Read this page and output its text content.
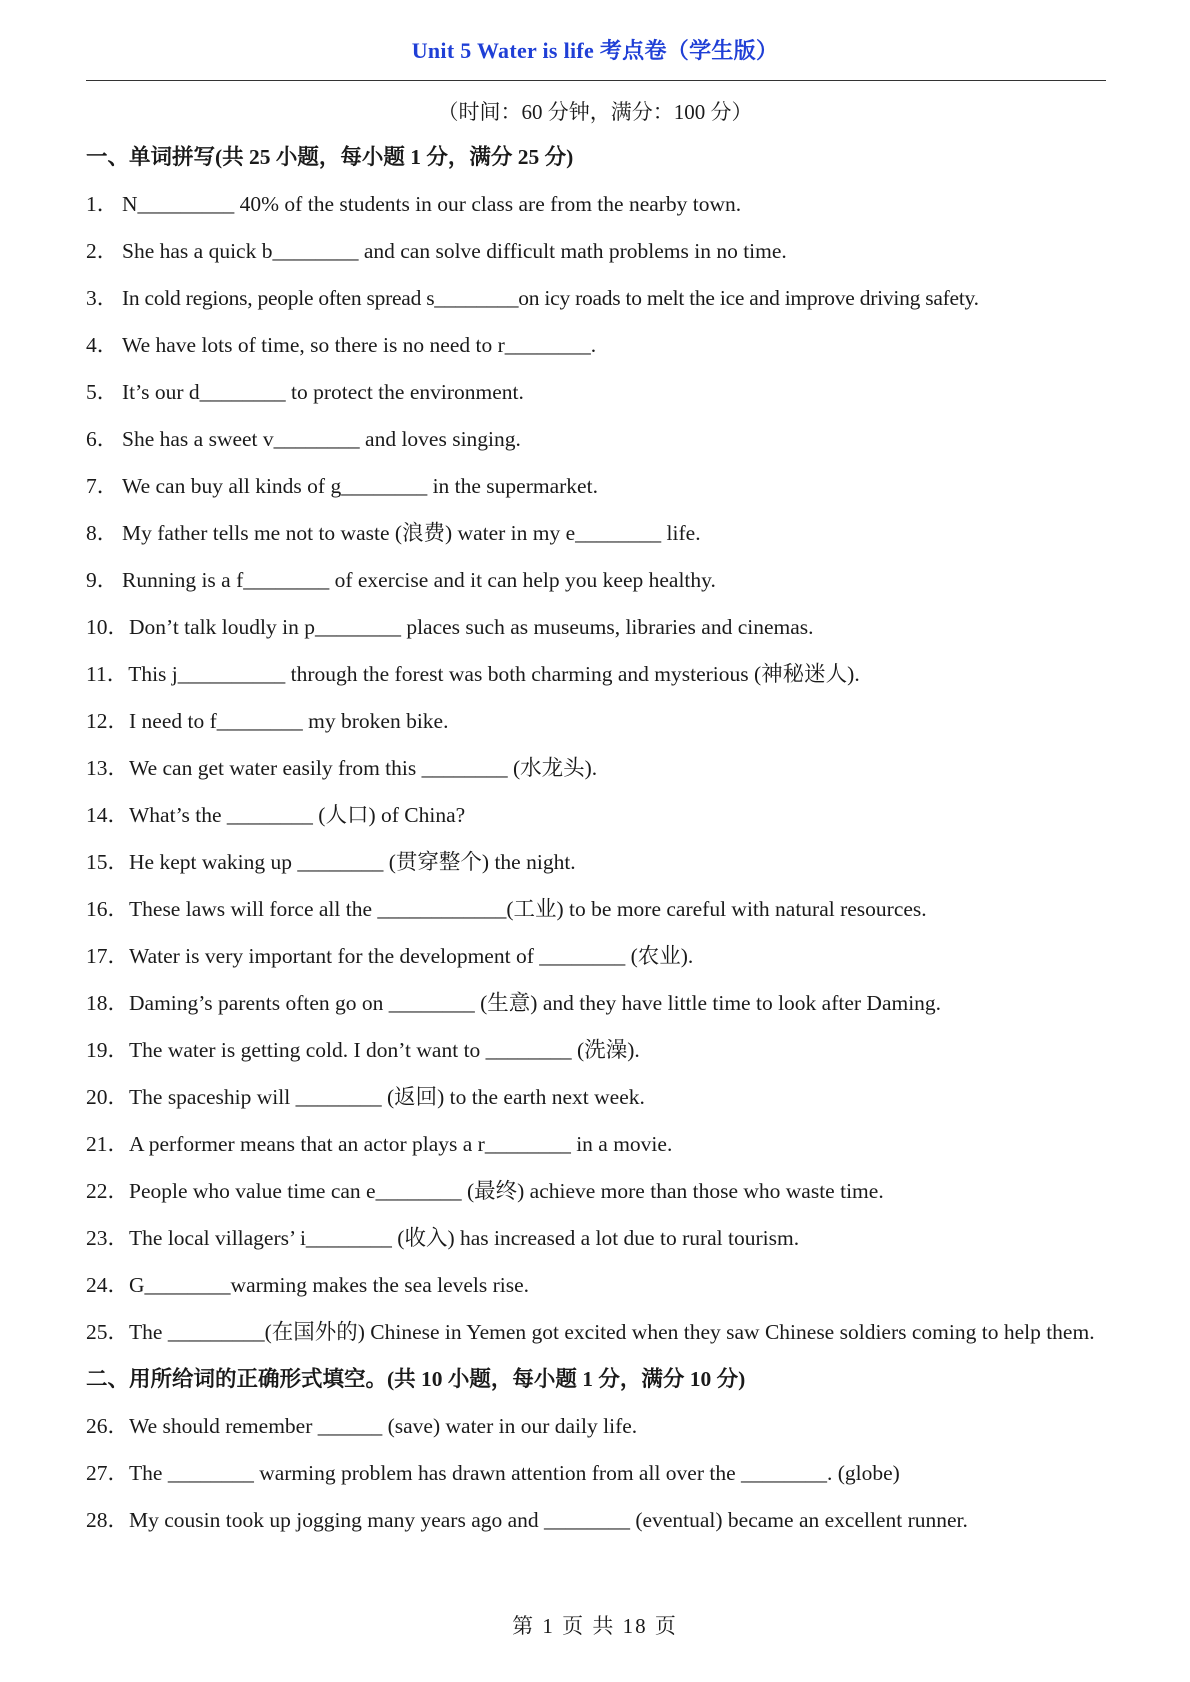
Unit 5 Water is life 考点卷（学生版）
（时间：60 分钟，满分：100 分）
一、单词拼写(共 25 小题，每小题 1 分，满分 25 分)
1． N_________ 40% of the students in our class are from the nearby town.
2． She has a quick b________ and can solve difficult math problems in no time.
3． In cold regions, people often spread s________on icy roads to melt the ice and improve driving safety.
4． We have lots of time, so there is no need to r________.
5． It’s our d________ to protect the environment.
6． She has a sweet v________ and loves singing.
7． We can buy all kinds of g________ in the supermarket.
8． My father tells me not to waste (浪费) water in my e________ life.
9． Running is a f________ of exercise and it can help you keep healthy.
10．Don’t talk loudly in p________ places such as museums, libraries and cinemas.
11．This j__________ through the forest was both charming and mysterious (神秘迷人).
12．I need to f________ my broken bike.
13．We can get water easily from this ________ (水龙头).
14．What’s the ________ (人口) of China?
15．He kept waking up ________ (贯穿整个) the night.
16．These laws will force all the ____________(工业) to be more careful with natural resources.
17．Water is very important for the development of ________ (农业).
18．Daming’s parents often go on ________ (生意) and they have little time to look after Daming.
19．The water is getting cold. I don’t want to ________ (洗澡).
20．The spaceship will ________ (返回) to the earth next week.
21．A performer means that an actor plays a r________ in a movie.
22．People who value time can e________ (最终) achieve more than those who waste time.
23．The local villagers’ i________ (收入) has increased a lot due to rural tourism.
24．G________warming makes the sea levels rise.
25．The _________(在国外的) Chinese in Yemen got excited when they saw Chinese soldiers coming to help them.
二、用所给词的正确形式填空。(共 10 小题，每小题 1 分，满分 10 分)
26．We should remember ______ (save) water in our daily life.
27．The ________ warming problem has drawn attention from all over the ________. (globe)
28．My cousin took up jogging many years ago and ________ (eventual) became an excellent runner.
第 1 页 共 18 页
